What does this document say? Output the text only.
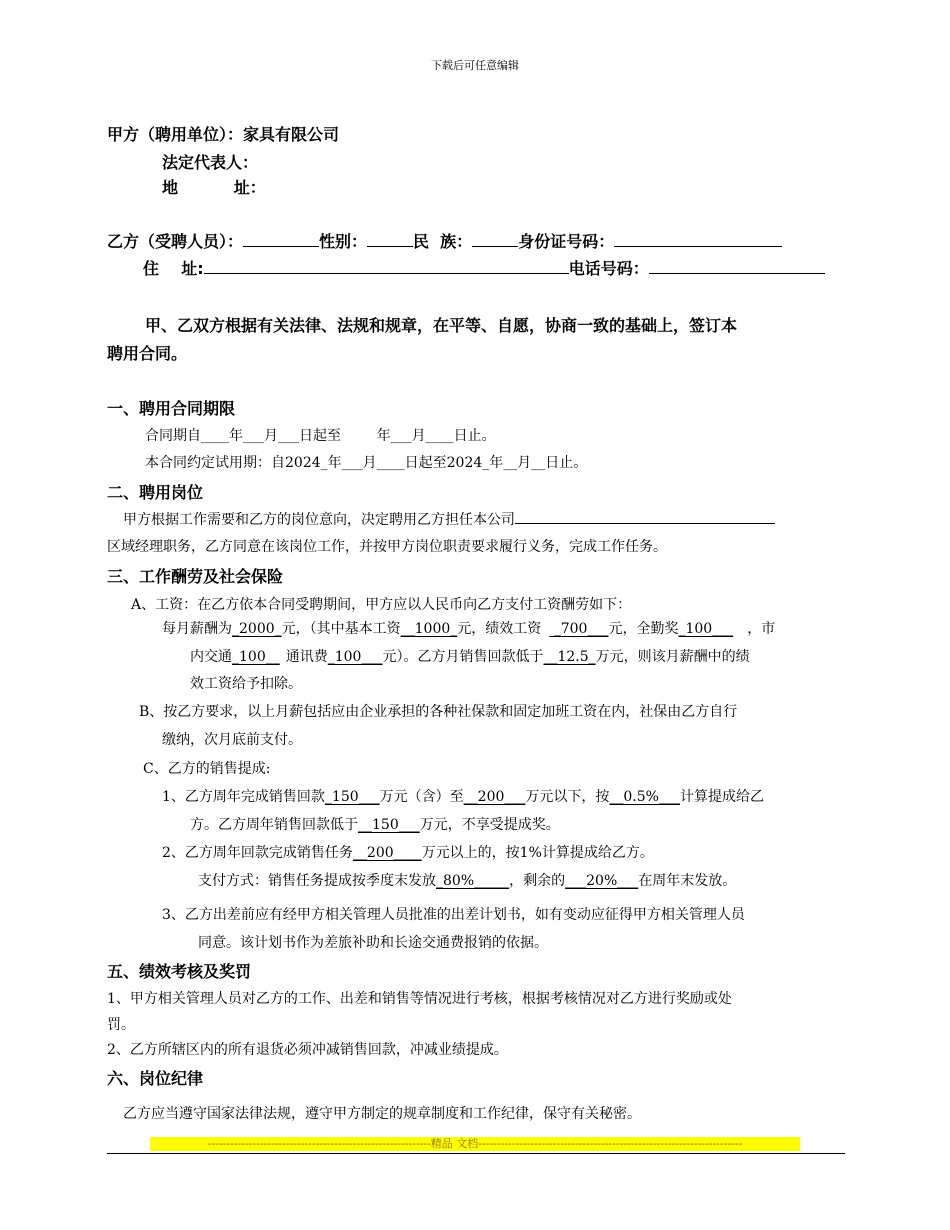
下载后可任意编辑
甲方（聘用单位）：家具有限公司
法定代表人：
地          址：
乙方（受聘人员）：	性别：	民  族：	身份证号码：
住    址:	电话号码：
甲、乙双方根据有关法律、法规和规章，在平等、自愿，协商一致的基础上，签订本
聘用合同。
一、聘用合同期限
合同期自____年___月___日起至        年___月____日止。
本合同约定试用期：自2024_年___月____日起至2024_年__月__日止。
二、聘用岗位
甲方根据工作需要和乙方的岗位意向，决定聘用乙方担任本公司
区域经理职务，乙方同意在该岗位工作，并按甲方岗位职责要求履行义务，完成工作任务。
三、工作酬劳及社会保险
A、工资：在乙方依本合同受聘期间，甲方应以人民币向乙方支付工资酬劳如下：
每月薪酬为_2000_元，（其中基本工资__1000_元，绩效工资 _700___元，全勤奖_100___ ，市
内交通_100__ 通讯费_100___元）。乙方月销售回款低于__12.5_万元，则该月薪酬中的绩
效工资给予扣除。
B、按乙方要求，以上月薪包括应由企业承担的各种社保款和固定加班工资在内，社保由乙方自行
缴纳，次月底前支付。
C、乙方的销售提成:
1、乙方周年完成销售回款_150___万元（含）至__200___万元以下，按__0.5%___计算提成给乙
方。乙方周年销售回款低于__150___万元，不享受提成奖。
2、乙方周年回款完成销售任务__200____万元以上的，按1%计算提成给乙方。
支付方式：销售任务提成按季度末发放_80%_____，剩余的___20%___在周年末发放。
3、乙方出差前应有经甲方相关管理人员批准的出差计划书，如有变动应征得甲方相关管理人员
同意。该计划书作为差旅补助和长途交通费报销的依据。
五、绩效考核及奖罚
1、甲方相关管理人员对乙方的工作、出差和销售等情况进行考核，根据考核情况对乙方进行奖励或处
罚。
2、乙方所辖区内的所有退货必须冲减销售回款，冲减业绩提成。
六、岗位纪律
乙方应当遵守国家法律法规，遵守甲方制定的规章制度和工作纪律，保守有关秘密。
------------------------------------------------------------精品 文档-----------------------------------------------------------------------
